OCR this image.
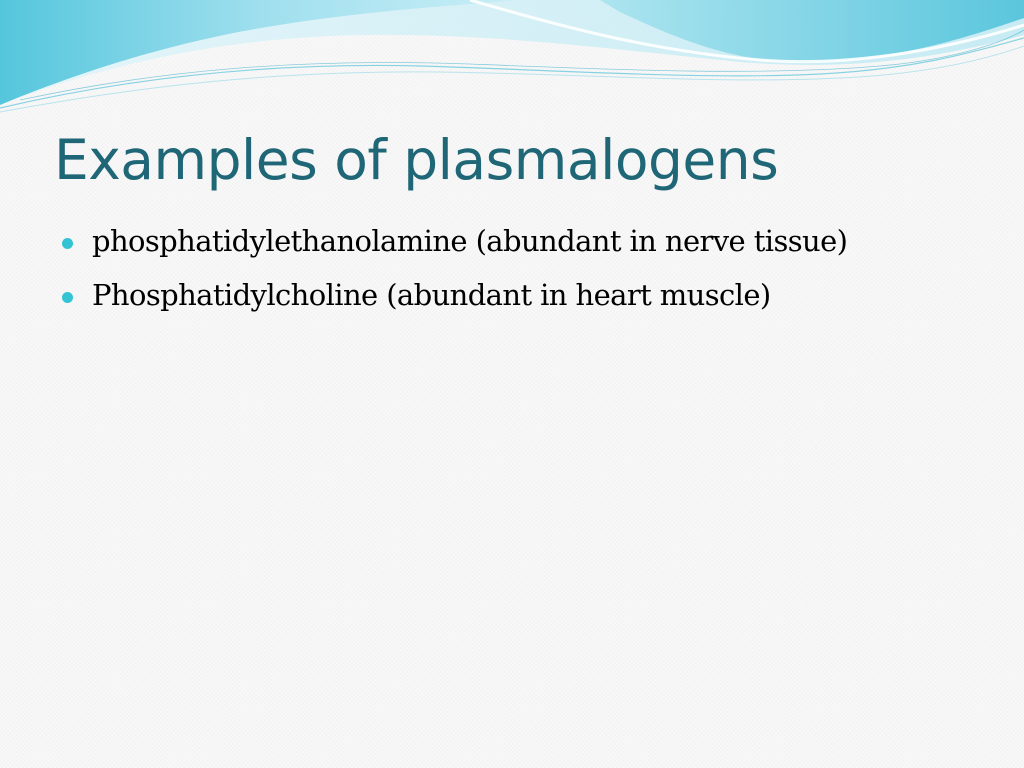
Examples of plasmalogens
phosphatidylethanolamine (abundant in nerve tissue)
Phosphatidylcholine (abundant in heart muscle)
